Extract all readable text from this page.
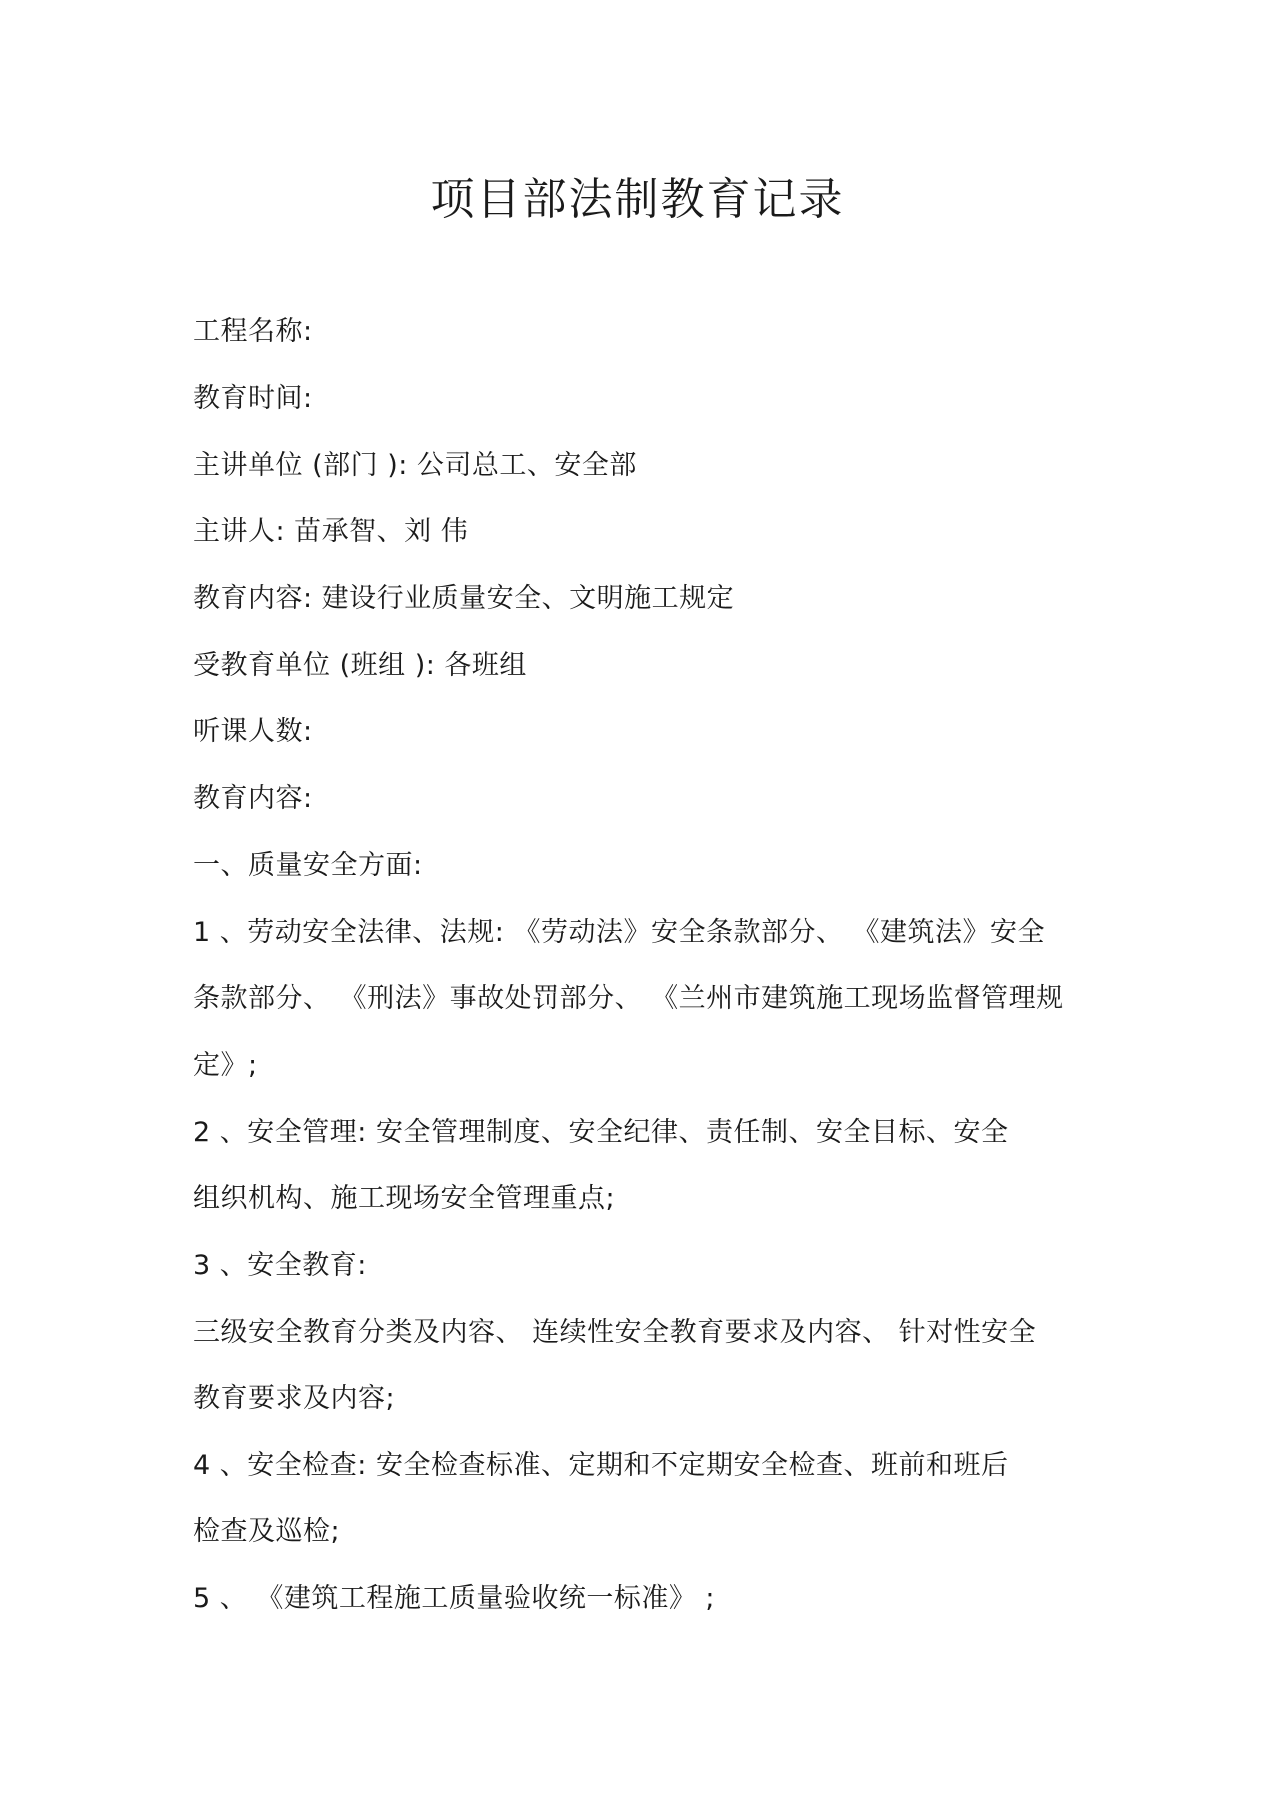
项目部法制教育记录
工程名称:
教育时间:
主讲单位 (部门 ): 公司总工、安全部
主讲人: 苗承智、刘 伟
教育内容: 建设行业质量安全、文明施工规定
受教育单位 (班组 ): 各班组
听课人数:
教育内容:
一、质量安全方面:
1 、劳动安全法律、法规: 《劳动法》安全条款部分、 《建筑法》安全
条款部分、 《刑法》事故处罚部分、 《兰州市建筑施工现场监督管理规
定》;
2 、安全管理: 安全管理制度、安全纪律、责任制、安全目标、安全
组织机构、施工现场安全管理重点;
3 、安全教育:
三级安全教育分类及内容、 连续性安全教育要求及内容、 针对性安全
教育要求及内容;
4 、安全检查: 安全检查标准、定期和不定期安全检查、班前和班后
检查及巡检;
5 、 《建筑工程施工质量验收统一标准》 ;
